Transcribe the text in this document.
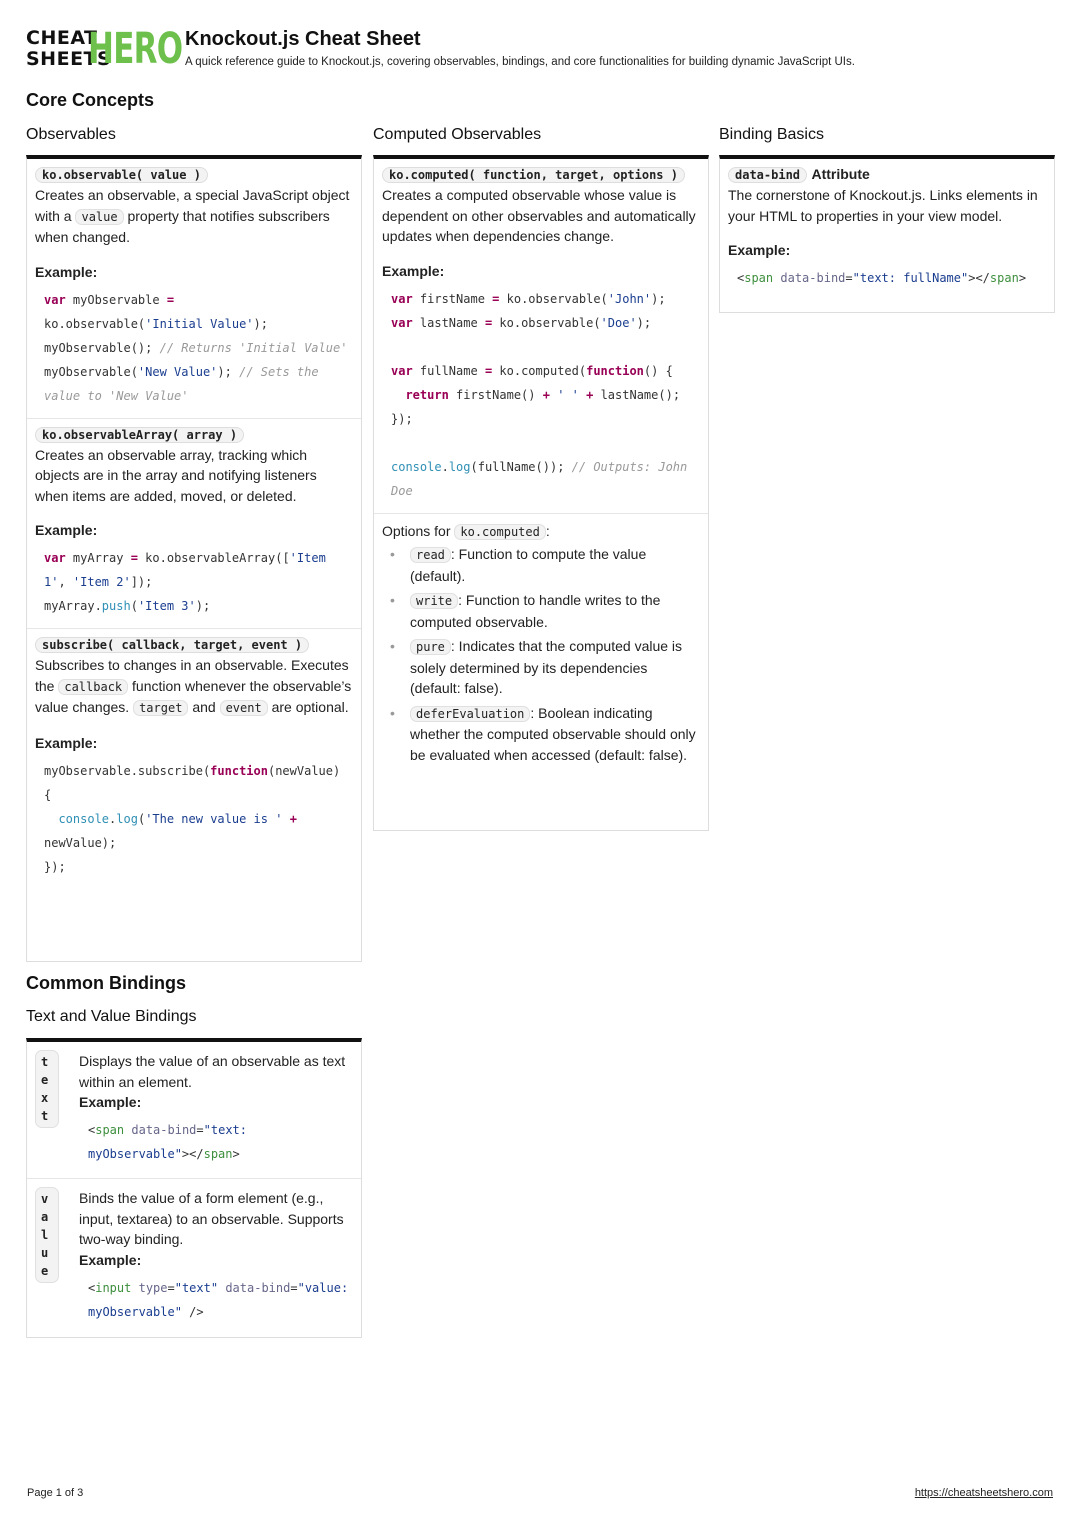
CHEAT
SHEETS
HERO Knockout.js Cheat Sheet
A quick reference guide to Knockout.js, covering observables, bindings, and core functionalities for building dynamic JavaScript UIs.
Core Concepts
Observables
ko.observable( value )
Creates an observable, a special JavaScript object with a value property that notifies subscribers when changed.
Example:
var myObservable =
ko.observable('Initial Value');
myObservable(); // Returns 'Initial Value'
myObservable('New Value'); // Sets the value to 'New Value'
ko.observableArray( array )
Creates an observable array, tracking which objects are in the array and notifying listeners when items are added, moved, or deleted.
Example:
var myArray = ko.observableArray(['Item 1', 'Item 2']);
myArray.push('Item 3');
subscribe( callback, target, event )
Subscribes to changes in an observable. Executes the callback function whenever the observable’s value changes. target and event are optional.
Example:
myObservable.subscribe(function(newValue) {
console.log('The new value is ' + newValue);
});
Computed Observables
ko.computed( function, target, options )
Creates a computed observable whose value is dependent on other observables and automatically updates when dependencies change.
Example:
var firstName = ko.observable('John');
var lastName = ko.observable('Doe');

var fullName = ko.computed(function() {
return firstName() + ' ' + lastName();
});

console.log(fullName()); // Outputs: John Doe
Options for ko.computed :
• read : Function to compute the value (default).
• write : Function to handle writes to the computed observable.
• pure : Indicates that the computed value is solely determined by its dependencies (default: false).
• deferEvaluation : Boolean indicating whether the computed observable should only be evaluated when accessed (default: false).
Binding Basics
data-bind Attribute
The cornerstone of Knockout.js. Links elements in your HTML to properties in your view model.
Example:
<span data-bind="text: fullName"></span>
Common Bindings
Text and Value Bindings
text
Displays the value of an observable as text within an element.
Example:
<span data-bind="text: myObservable"></span>
value
Binds the value of a form element (e.g., input, textarea) to an observable. Supports two-way binding.
Example:
<input type="text" data-bind="value: myObservable" />
Page 1 of 3	https://cheatsheetshero.com
